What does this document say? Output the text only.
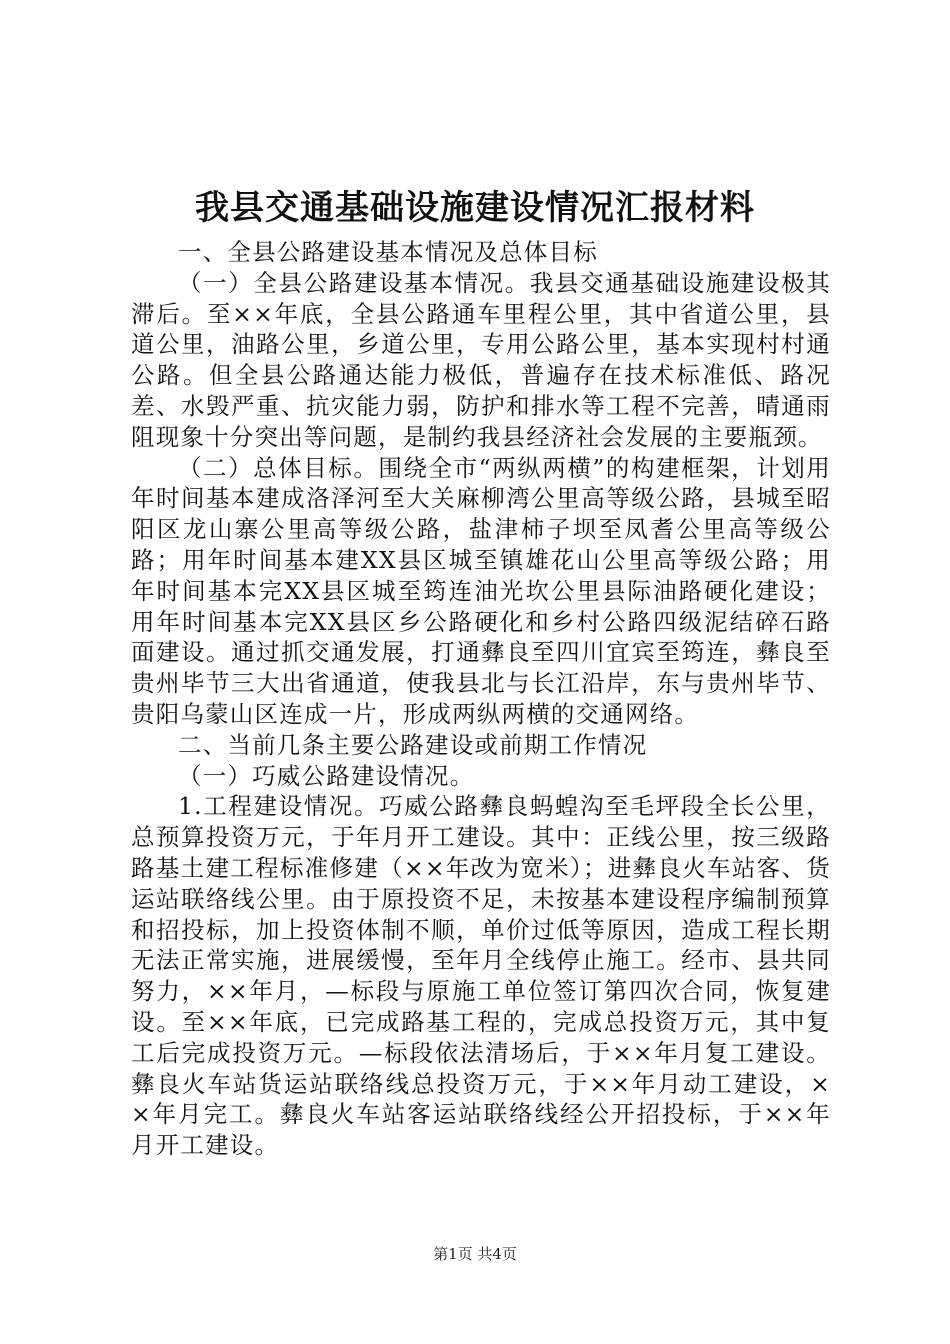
我县交通基础设施建设情况汇报材料

一、全县公路建设基本情况及总体目标

（一）全县公路建设基本情况。我县交通基础设施建设极其滞后。至××年底，全县公路通车里程公里，其中省道公里，县道公里，油路公里，乡道公里，专用公路公里，基本实现村村通公路。但全县公路通达能力极低，普遍存在技术标准低、路况差、水毁严重、抗灾能力弱，防护和排水等工程不完善，晴通雨阻现象十分突出等问题，是制约我县经济社会发展的主要瓶颈。

（二）总体目标。围绕全市“两纵两横”的构建框架，计划用年时间基本建成洛泽河至大关麻柳湾公里高等级公路，县城至昭阳区龙山寨公里高等级公路，盐津柿子坝至凤耆公里高等级公路；用年时间基本建XX县区城至镇雄花山公里高等级公路；用年时间基本完XX县区城至筠连油光坎公里县际油路硬化建设；用年时间基本完XX县区乡公路硬化和乡村公路四级泥结碎石路面建设。通过抓交通发展，打通彝良至四川宜宾至筠连，彝良至贵州毕节三大出省通道，使我县北与长江沿岸，东与贵州毕节、贵阳乌蒙山区连成一片，形成两纵两横的交通网络。

二、当前几条主要公路建设或前期工作情况

（一）巧威公路建设情况。

1.工程建设情况。巧威公路彝良蚂蝗沟至毛坪段全长公里，总预算投资万元，于年月开工建设。其中：正线公里，按三级路路基土建工程标准修建（××年改为宽米）；进彝良火车站客、货运站联络线公里。由于原投资不足，未按基本建设程序编制预算和招投标，加上投资体制不顺，单价过低等原因，造成工程长期无法正常实施，进展缓慢，至年月全线停止施工。经市、县共同努力，××年月，—标段与原施工单位签订第四次合同，恢复建设。至××年底，已完成路基工程的，完成总投资万元，其中复工后完成投资万元。—标段依法清场后，于××年月复工建设。彝良火车站货运站联络线总投资万元，于××年月动工建设，××年月完工。彝良火车站客运站联络线经公开招投标，于××年月开工建设。

第1页 共4页
